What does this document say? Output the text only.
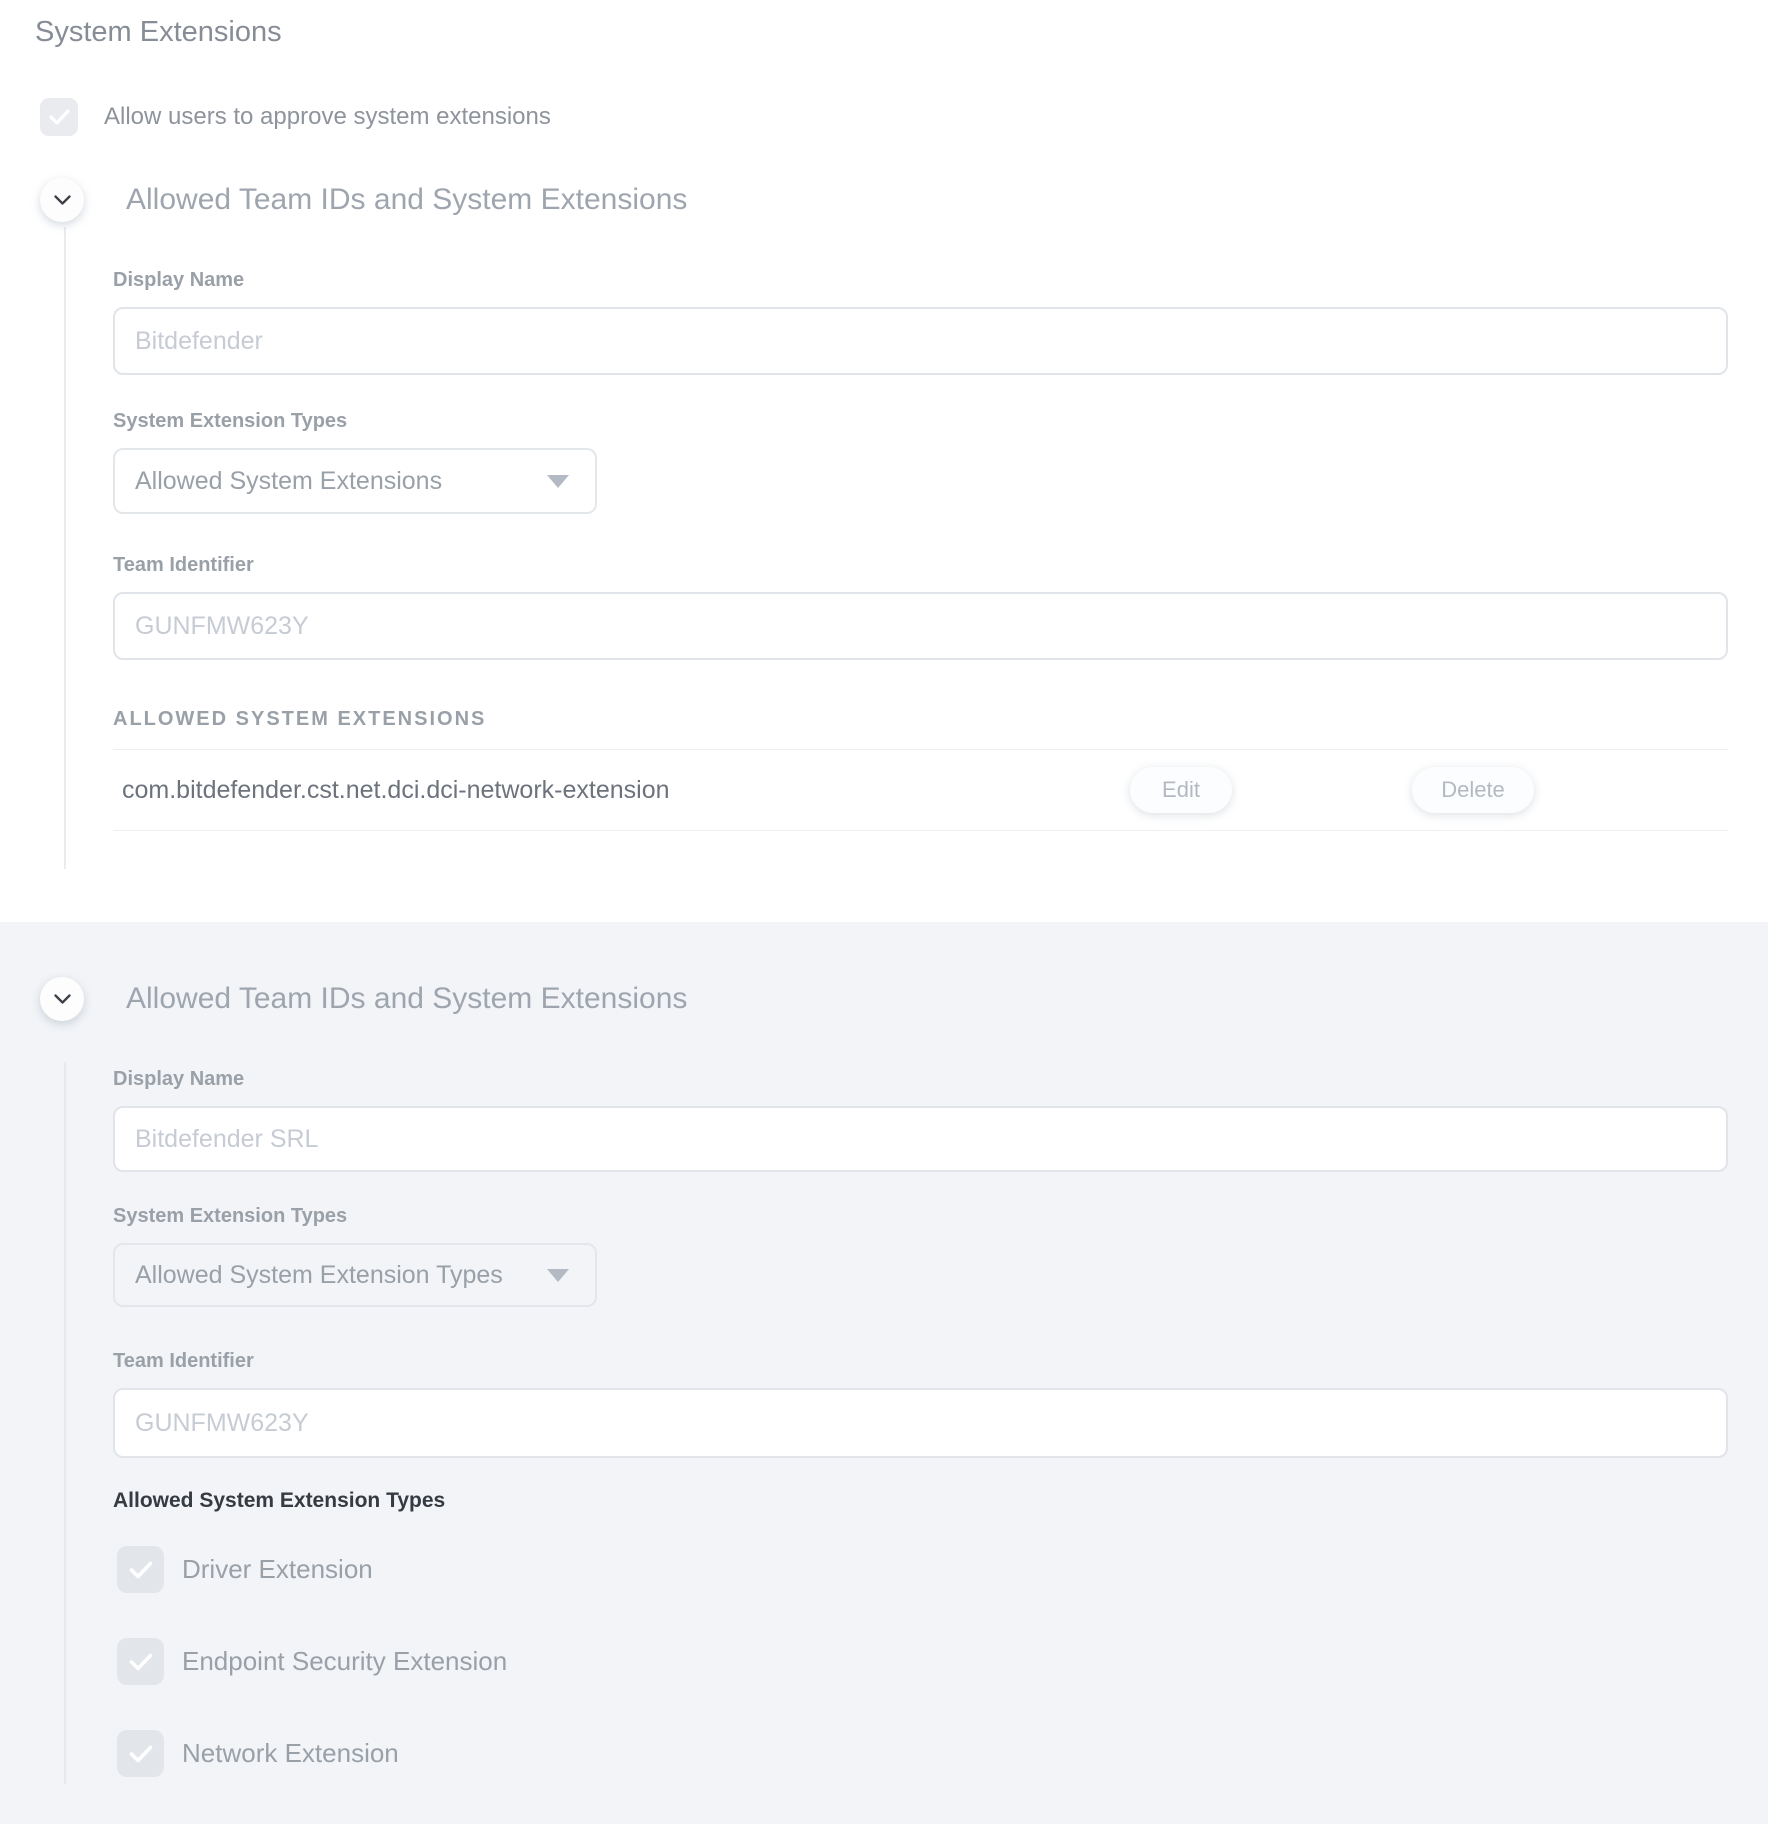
System Extensions
Allow users to approve system extensions
Allowed Team IDs and System Extensions
Display Name
Bitdefender
System Extension Types
Allowed System Extensions
Team Identifier
GUNFMW623Y
ALLOWED SYSTEM EXTENSIONS
com.bitdefender.cst.net.dci.dci-network-extension	Edit	Delete
Allowed Team IDs and System Extensions
Display Name
Bitdefender SRL
System Extension Types
Allowed System Extension Types
Team Identifier
GUNFMW623Y
Allowed System Extension Types
Driver Extension
Endpoint Security Extension
Network Extension
